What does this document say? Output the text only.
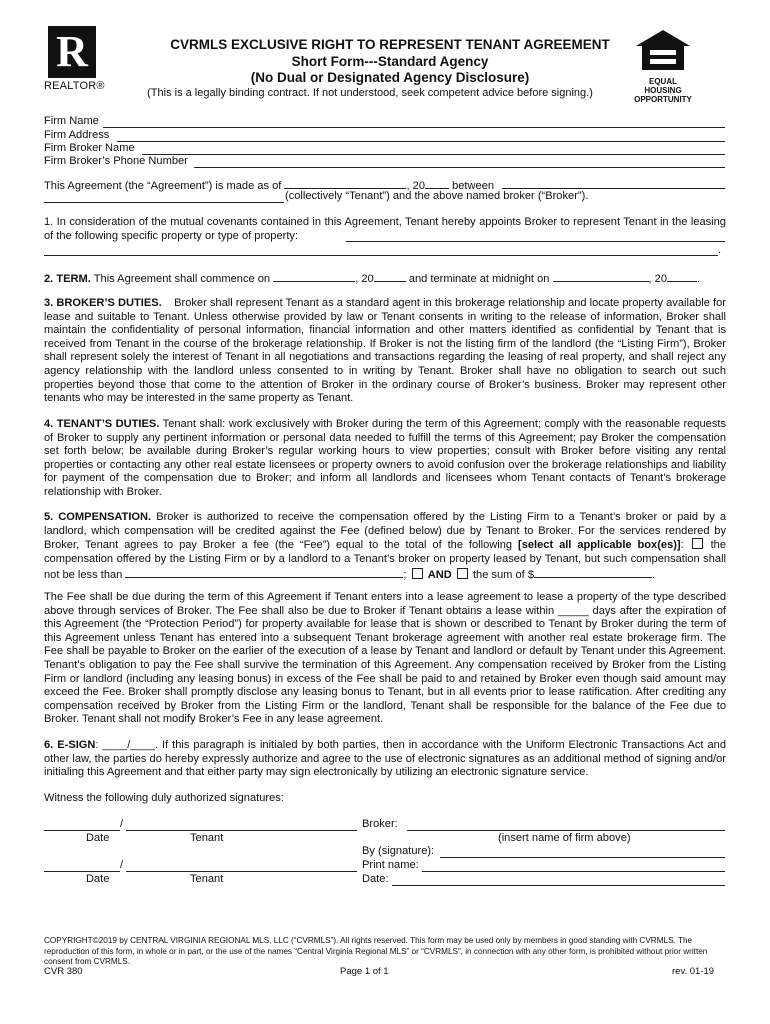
R
REALTOR®	EQUAL HOUSING
OPPORTUNITY
CVRMLS EXCLUSIVE RIGHT TO REPRESENT TENANT AGREEMENT
Short Form---Standard Agency
(No Dual or Designated Agency Disclosure)
(This is a legally binding contract. If not understood, seek competent advice before signing.)
Firm Name
Firm Address
Firm Broker Name
Firm Broker’s Phone Number
This Agreement (the “Agreement”) is made as of	, 20 between
(collectively “Tenant”) and the above named broker (“Broker”).
1. In consideration of the mutual covenants contained in this Agreement, Tenant hereby appoints Broker to represent Tenant in the leasing of the following specific property or type of property:
.
2. TERM. This Agreement shall commence on	, 20	and terminate at midnight on	, 20	.
3. BROKER’S DUTIES. Broker shall represent Tenant as a standard agent in this brokerage relationship and locate property available for lease and suitable to Tenant. Unless otherwise provided by law or Tenant consents in writing to the release of information, Broker shall maintain the confidentiality of personal information, financial information and other matters identified as confidential by Tenant that is received from Tenant in the course of the brokerage relationship. If Broker is not the listing firm of the landlord (the “Listing Firm”), Broker shall represent solely the interest of Tenant in all negotiations and transactions regarding the leasing of real property, and shall reject any agency relationship with the landlord unless consented to in writing by Tenant. Broker shall have no obligation to search out such properties beyond those that come to the attention of Broker in the ordinary course of Broker’s business. Broker may represent other tenants who may be interested in the same property as Tenant.
4. TENANT’S DUTIES. Tenant shall: work exclusively with Broker during the term of this Agreement; comply with the reasonable requests of Broker to supply any pertinent information or personal data needed to fulfill the terms of this Agreement; pay Broker the compensation set forth below; be available during Broker’s regular working hours to view properties; consult with Broker before visiting any rental properties or contacting any other real estate licensees or property owners to avoid confusion over the brokerage relationships and liability for payment of the compensation due to Broker; and inform all landlords and licensees whom Tenant contacts of Tenant’s brokerage relationship with Broker.
5. COMPENSATION. Broker is authorized to receive the compensation offered by the Listing Firm to a Tenant’s broker or paid by a landlord, which compensation will be credited against the Fee (defined below) due by Tenant to Broker. For the services rendered by Broker, Tenant agrees to pay Broker a fee (the “Fee”) equal to the total of the following [select all applicable box(es)]: the compensation offered by the Listing Firm or by a landlord to a Tenant’s broker on property leased by Tenant, but such compensation shall not be less than	; AND the sum of $	.
The Fee shall be due during the term of this Agreement if Tenant enters into a lease agreement to lease a property of the type described above through services of Broker. The Fee shall also be due to Broker if Tenant obtains a lease within _____ days after the expiration of this Agreement (the “Protection Period”) for property available for lease that is shown or described to Tenant by Broker during the term of this Agreement unless Tenant has entered into a subsequent Tenant brokerage agreement with another real estate brokerage firm. The Fee shall be payable to Broker on the earlier of the execution of a lease by Tenant and landlord or default by Tenant under this Agreement. Tenant’s obligation to pay the Fee shall survive the termination of this Agreement. Any compensation received by Broker from the Listing Firm or landlord (including any leasing bonus) in excess of the Fee shall be paid to and retained by Broker even though said amount may exceed the Fee. Broker shall promptly disclose any leasing bonus to Tenant, but in all events prior to lease ratification. After crediting any compensation received by Broker from the Listing Firm or the landlord, Tenant shall be responsible for the balance of the Fee due to Broker. Tenant shall not modify Broker’s Fee in any lease agreement.
6. E-SIGN: ____/____. If this paragraph is initialed by both parties, then in accordance with the Uniform Electronic Transactions Act and other law, the parties do hereby expressly authorize and agree to the use of electronic signatures as an additional method of signing and/or initialing this Agreement and that either party may sign electronically by utilizing an electronic signature service.
Witness the following duly authorized signatures:
/
Date	Tenant
/
Date	Tenant
Broker:
(insert name of firm above)
By (signature):
Print name:
Date:
COPYRIGHT©2019 by CENTRAL VIRGINIA REGIONAL MLS, LLC (“CVRMLS”). All rights reserved. This form may be used only by members in good standing with CVRMLS. The reproduction of this form, in whole or in part, or the use of the names “Central Virginia Regional MLS” or “CVRMLS”, in connection with any other form, is prohibited without prior written consent from CVRMLS.
CVR 380	Page 1 of 1	rev. 01-19
